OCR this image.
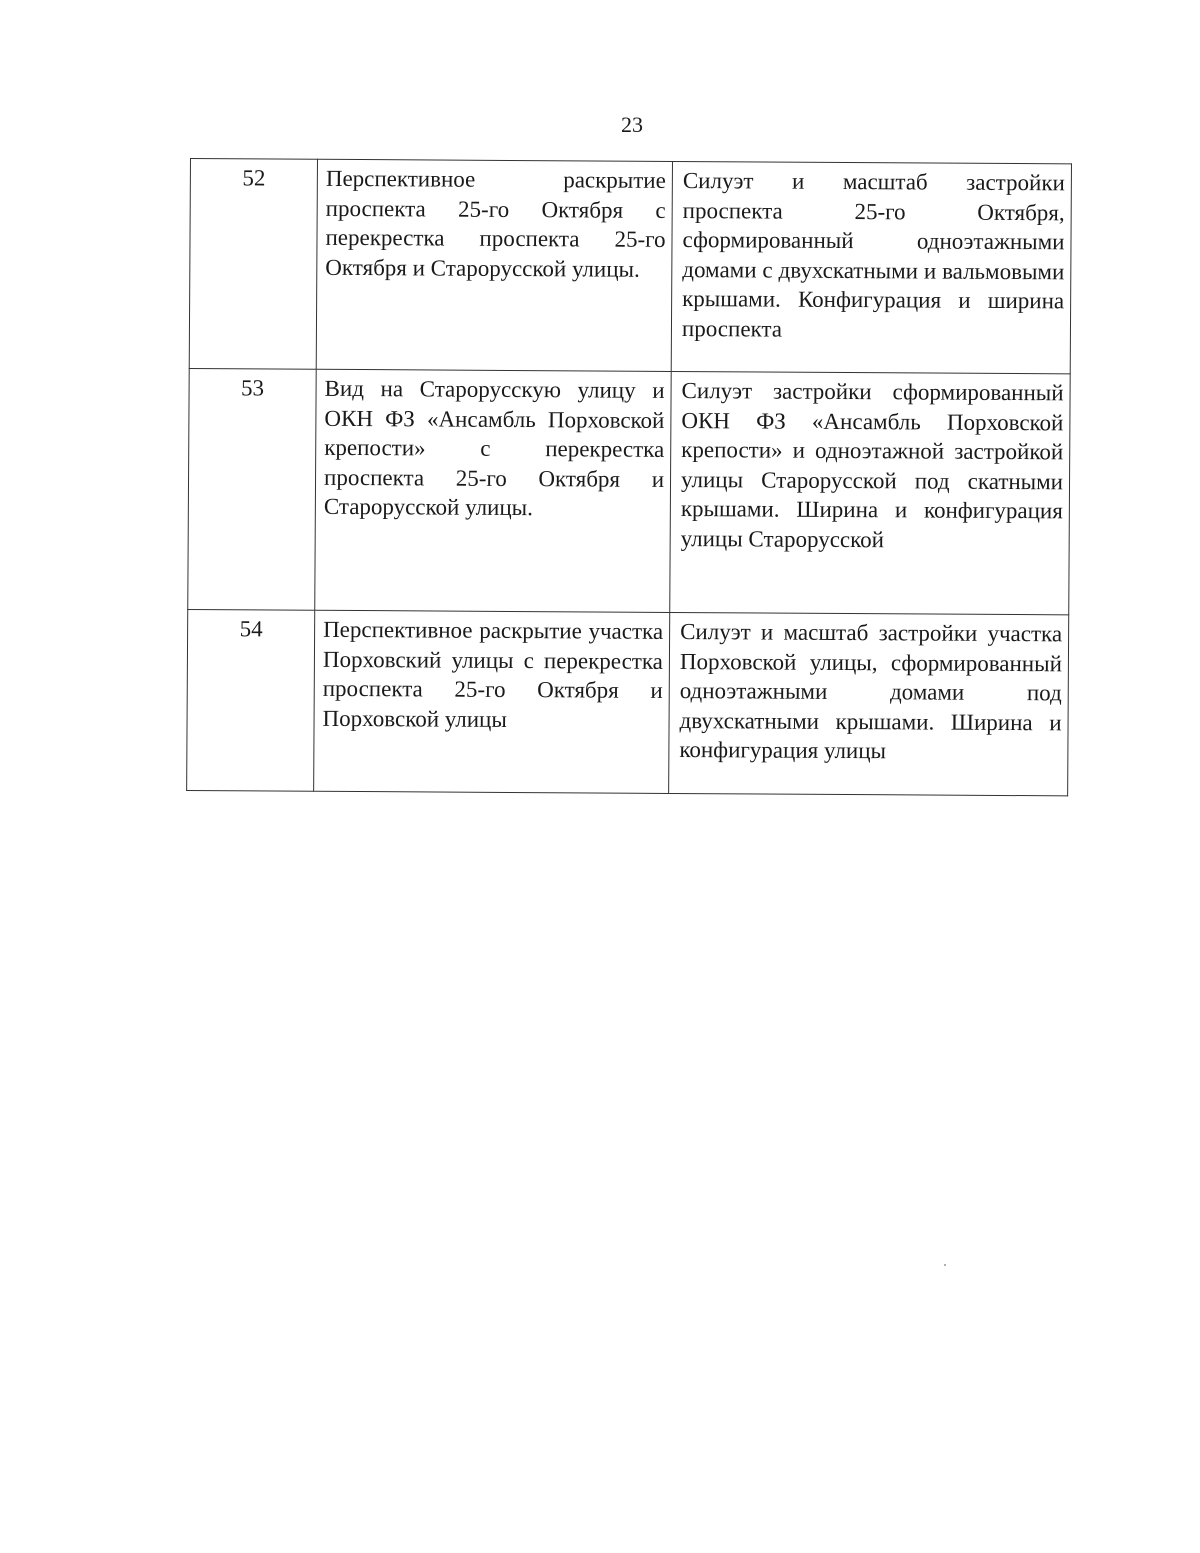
23
52	Перспективное раскрытие проспекта 25-го Октября с перекрестка проспекта 25-го Октября и Старорусской улицы.	Силуэт и масштаб застройки проспекта 25-го Октября, сформированный одноэтажными домами с двухскатными и вальмовыми крышами. Конфигурация и ширина проспекта
53	Вид на Старорусскую улицу и ОКН ФЗ «Ансамбль Порховской крепости» с перекрестка проспекта 25-го Октября и Старорусской улицы.	Силуэт застройки сформированный ОКН ФЗ «Ансамбль Порховской крепости» и одноэтажной застройкой улицы Старорусской под скатными крышами. Ширина и конфигурация улицы Старорусской
54	Перспективное раскрытие участка Порховский улицы с перекрестка проспекта 25-го Октября и Порховской улицы	Силуэт и масштаб застройки участка Порховской улицы, сформированный одноэтажными домами под двухскатными крышами. Ширина и конфигурация улицы
